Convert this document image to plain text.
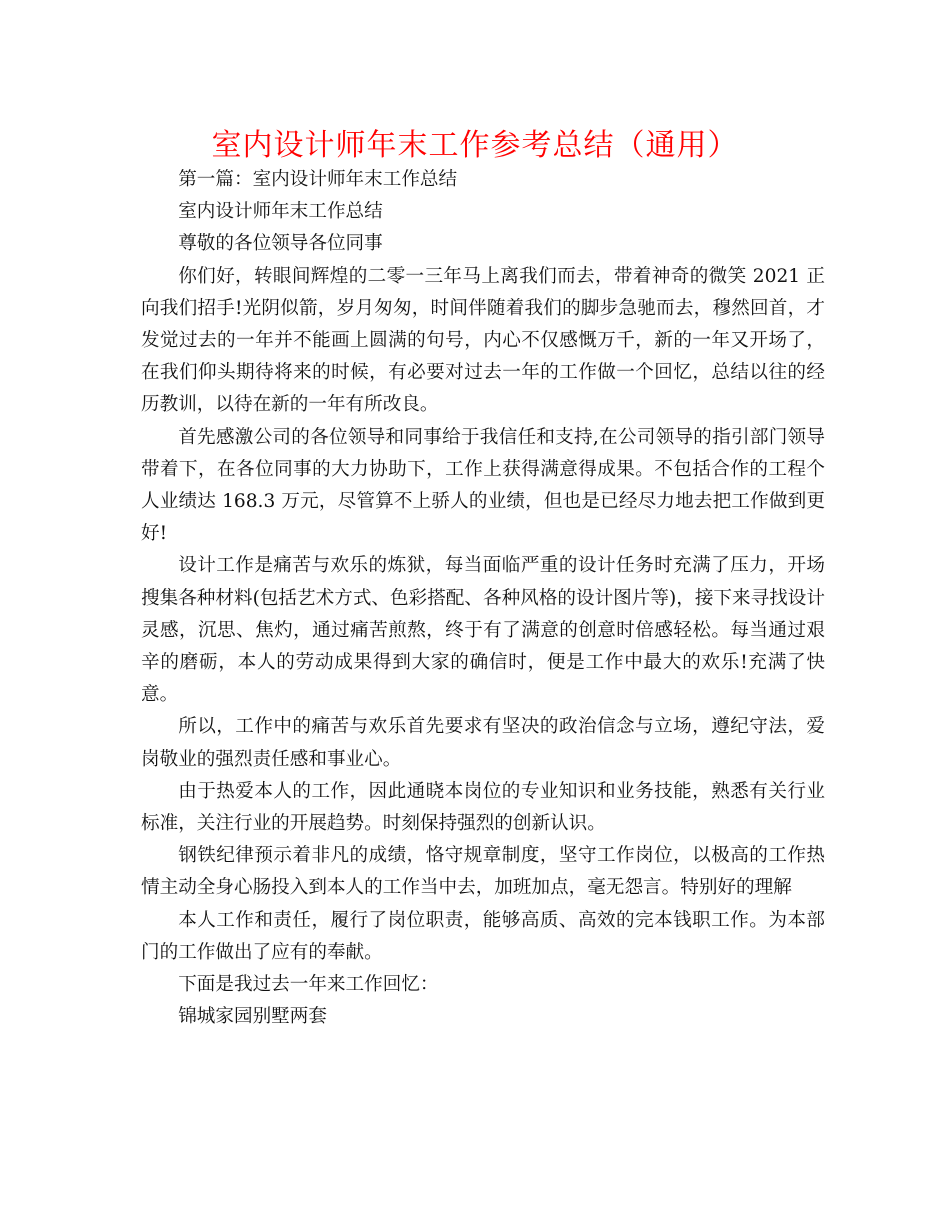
室内设计师年末工作参考总结（通用）

第一篇：室内设计师年末工作总结

室内设计师年末工作总结

尊敬的各位领导各位同事

你们好，转眼间辉煌的二零一三年马上离我们而去，带着神奇的微笑 2021 正向我们招手!光阴似箭，岁月匆匆，时间伴随着我们的脚步急驰而去，穆然回首，才发觉过去的一年并不能画上圆满的句号，内心不仅感慨万千，新的一年又开场了，在我们仰头期待将来的时候，有必要对过去一年的工作做一个回忆，总结以往的经历教训，以待在新的一年有所改良。

首先感激公司的各位领导和同事给于我信任和支持,在公司领导的指引部门领导带着下，在各位同事的大力协助下，工作上获得满意得成果。不包括合作的工程个人业绩达 168.3 万元，尽管算不上骄人的业绩，但也是已经尽力地去把工作做到更好!

设计工作是痛苦与欢乐的炼狱，每当面临严重的设计任务时充满了压力，开场搜集各种材料(包括艺术方式、色彩搭配、各种风格的设计图片等)，接下来寻找设计灵感，沉思、焦灼，通过痛苦煎熬，终于有了满意的创意时倍感轻松。每当通过艰辛的磨砺，本人的劳动成果得到大家的确信时，便是工作中最大的欢乐!充满了快意。

所以，工作中的痛苦与欢乐首先要求有坚决的政治信念与立场，遵纪守法，爱岗敬业的强烈责任感和事业心。

由于热爱本人的工作，因此通晓本岗位的专业知识和业务技能，熟悉有关行业标准，关注行业的开展趋势。时刻保持强烈的创新认识。

钢铁纪律预示着非凡的成绩，恪守规章制度，坚守工作岗位，以极高的工作热情主动全身心肠投入到本人的工作当中去，加班加点，毫无怨言。特别好的理解

本人工作和责任，履行了岗位职责，能够高质、高效的完本钱职工作。为本部门的工作做出了应有的奉献。

下面是我过去一年来工作回忆：

锦城家园别墅两套
